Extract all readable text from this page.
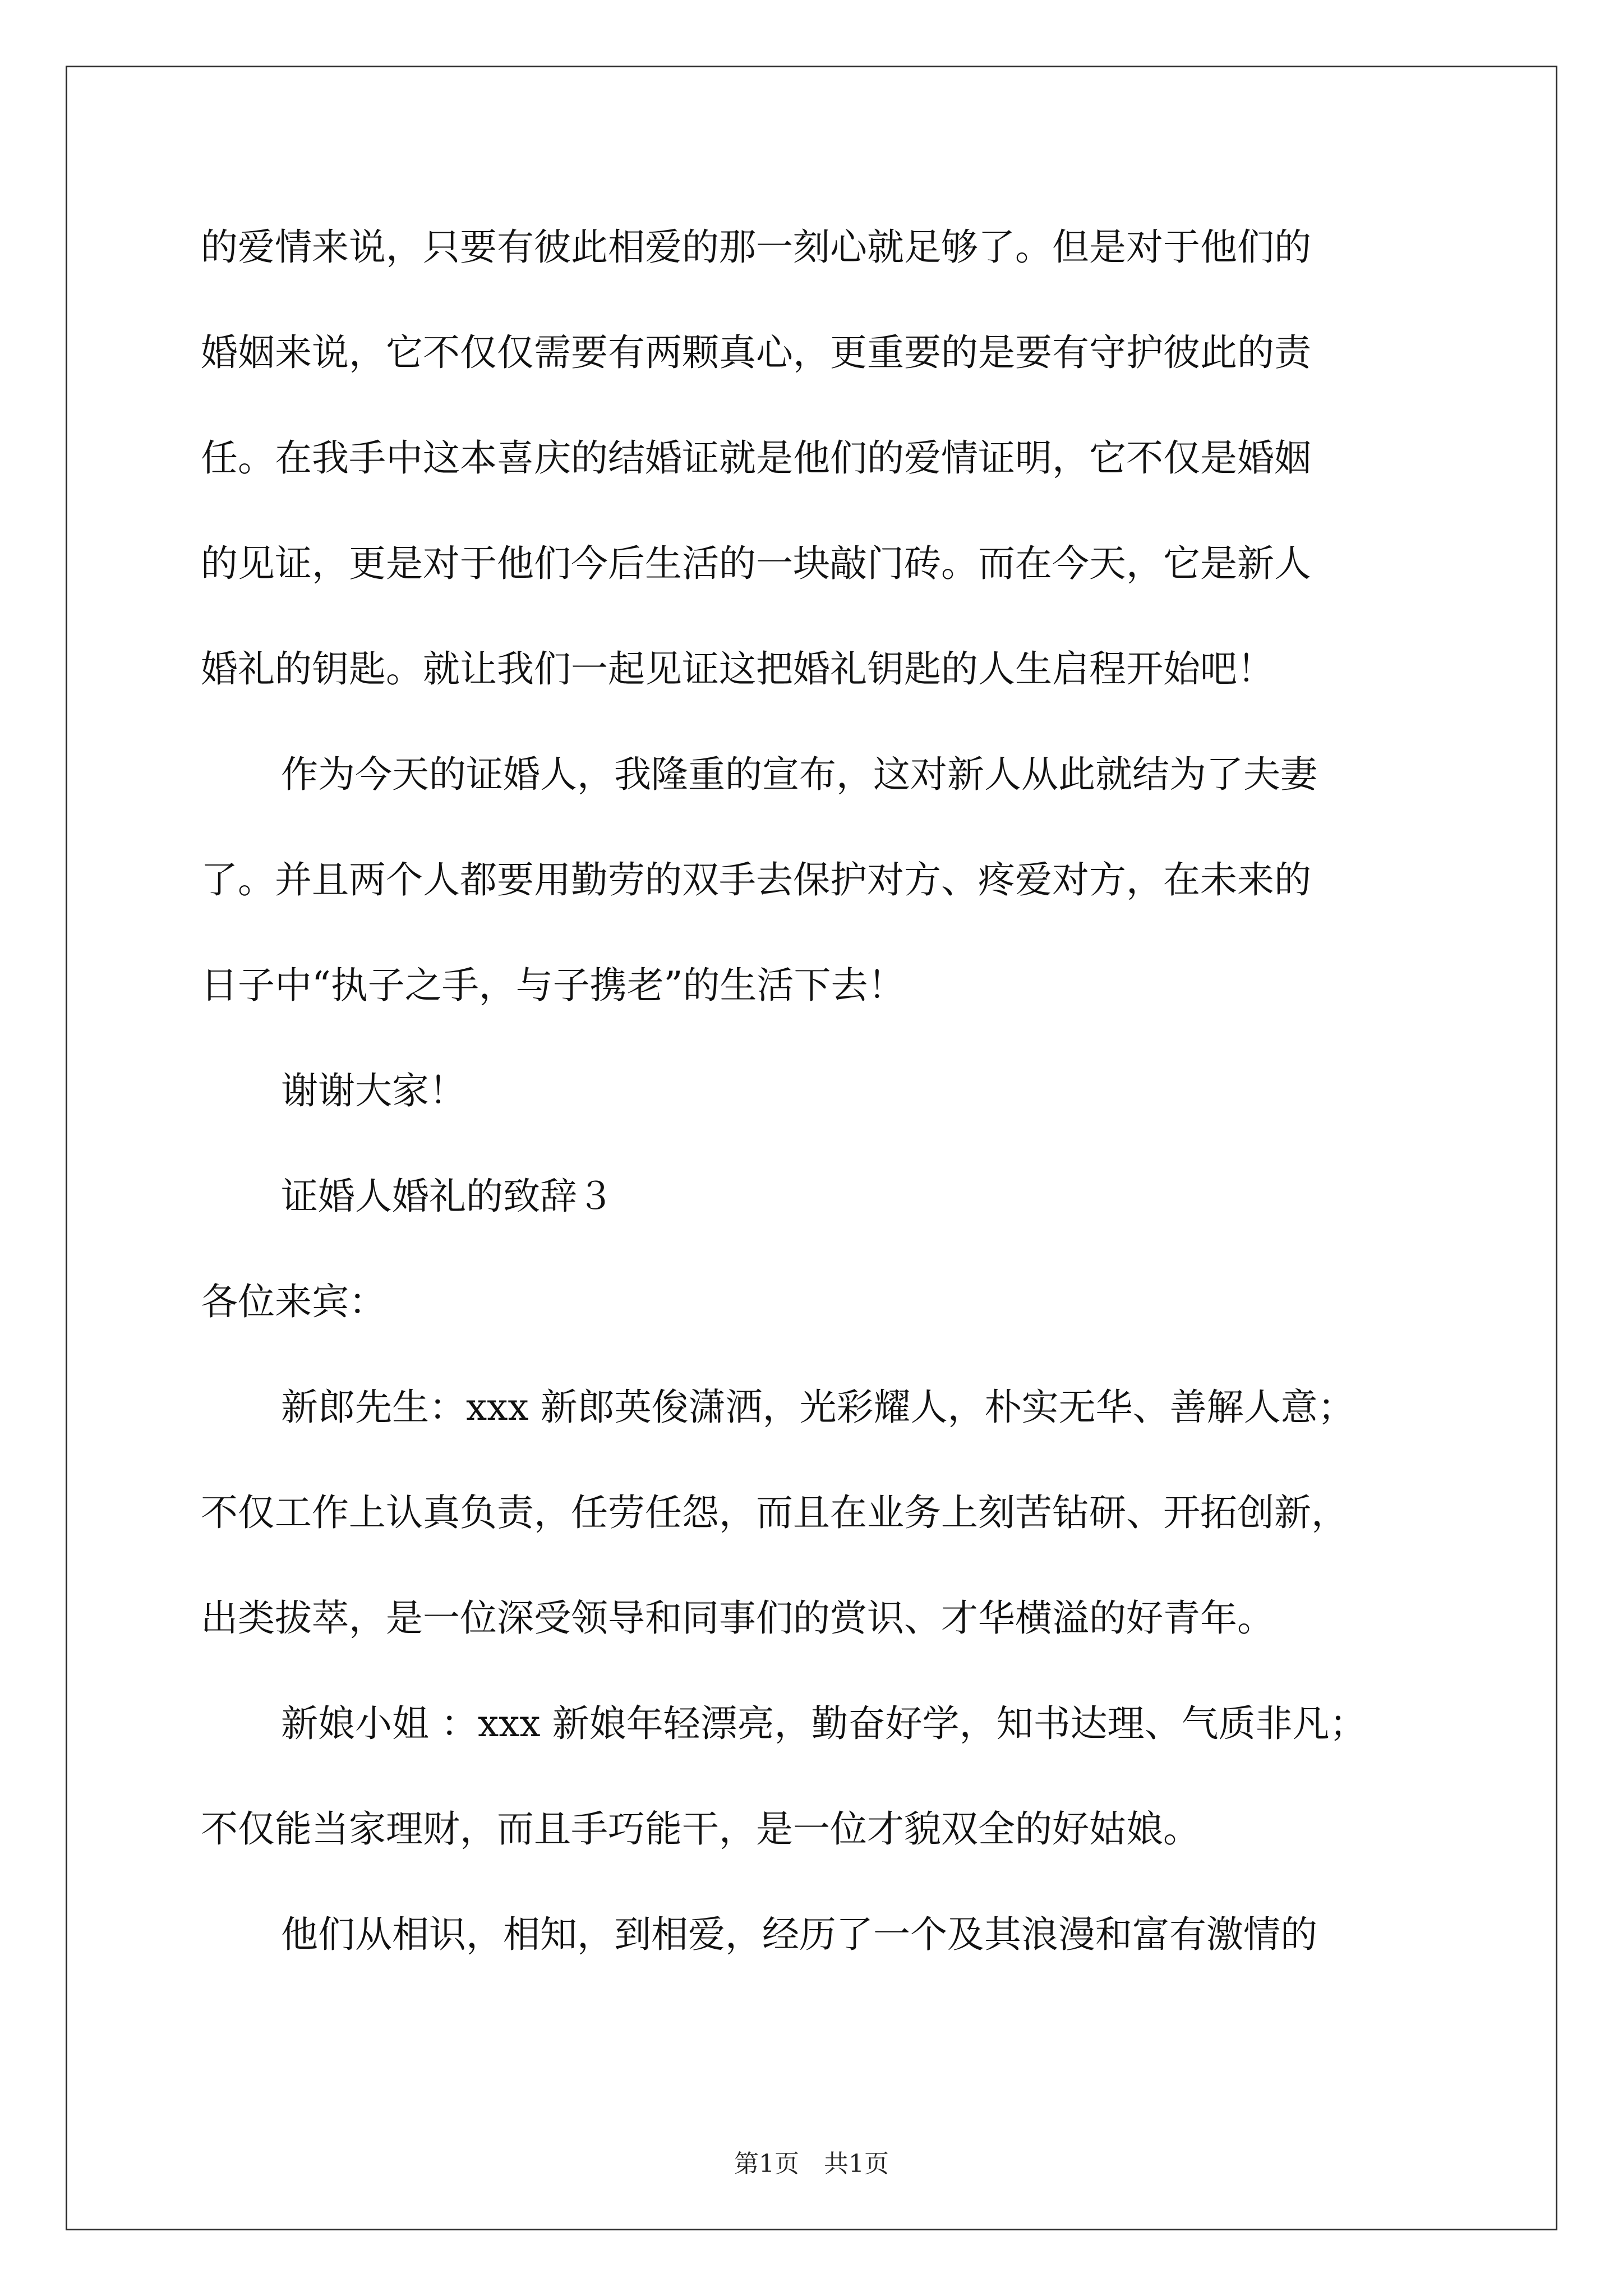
的爱情来说，只要有彼此相爱的那一刻心就足够了。但是对于他们的
婚姻来说，它不仅仅需要有两颗真心，更重要的是要有守护彼此的责
任。在我手中这本喜庆的结婚证就是他们的爱情证明，它不仅是婚姻
的见证，更是对于他们今后生活的一块敲门砖。而在今天，它是新人
婚礼的钥匙。就让我们一起见证这把婚礼钥匙的人生启程开始吧！
作为今天的证婚人，我隆重的宣布，这对新人从此就结为了夫妻
了。并且两个人都要用勤劳的双手去保护对方、疼爱对方，在未来的
日子中“执子之手，与子携老”的生活下去！
谢谢大家！
证婚人婚礼的致辞３
各位来宾：
新郎先生：xxx 新郎英俊潇洒，光彩耀人，朴实无华、善解人意；
不仅工作上认真负责，任劳任怨，而且在业务上刻苦钻研、开拓创新，
出类拔萃，是一位深受领导和同事们的赏识、才华横溢的好青年。
新娘小姐 ：xxx 新娘年轻漂亮，勤奋好学，知书达理、气质非凡；
不仅能当家理财，而且手巧能干，是一位才貌双全的好姑娘。
他们从相识，相知，到相爱，经历了一个及其浪漫和富有激情的
第1页　共1页
